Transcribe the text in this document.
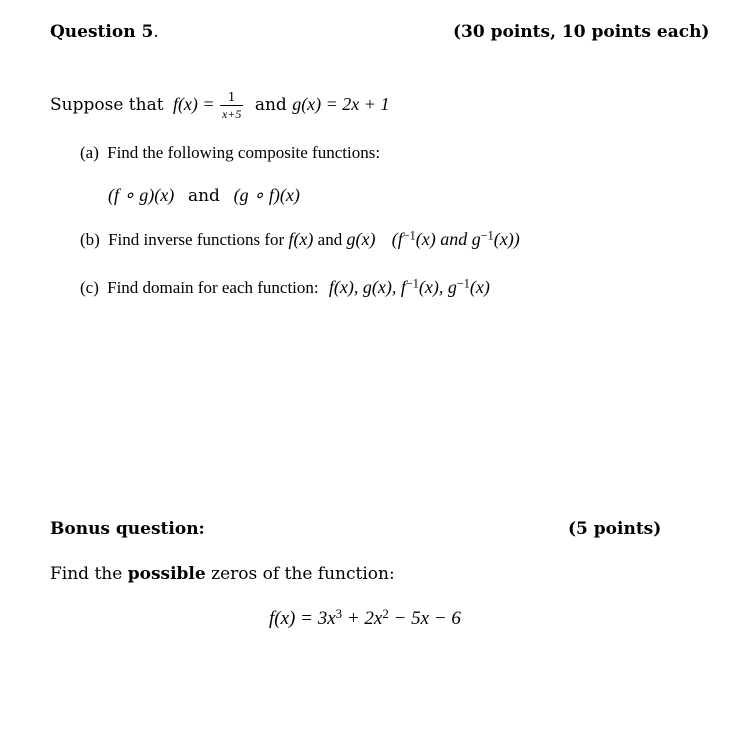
Question 5.	(30 points, 10 points each)
Suppose that $f(x) = \frac{1}{x+5}$ and g(x) = 2x + 1
(a) Find the following composite functions:
(f ∘ g)(x) and (g ∘ f)(x)
(b) Find inverse functions for f(x) and g(x) ($f^{-1}(x)$ and $g^{-1}(x)$)
(c) Find domain for each function: f(x), g(x), $f^{-1}(x)$, $g^{-1}(x)$
Bonus question:	(5 points)
Find the possible zeros of the function:
$f(x) = 3x^3 + 2x^2 - 5x - 6$
